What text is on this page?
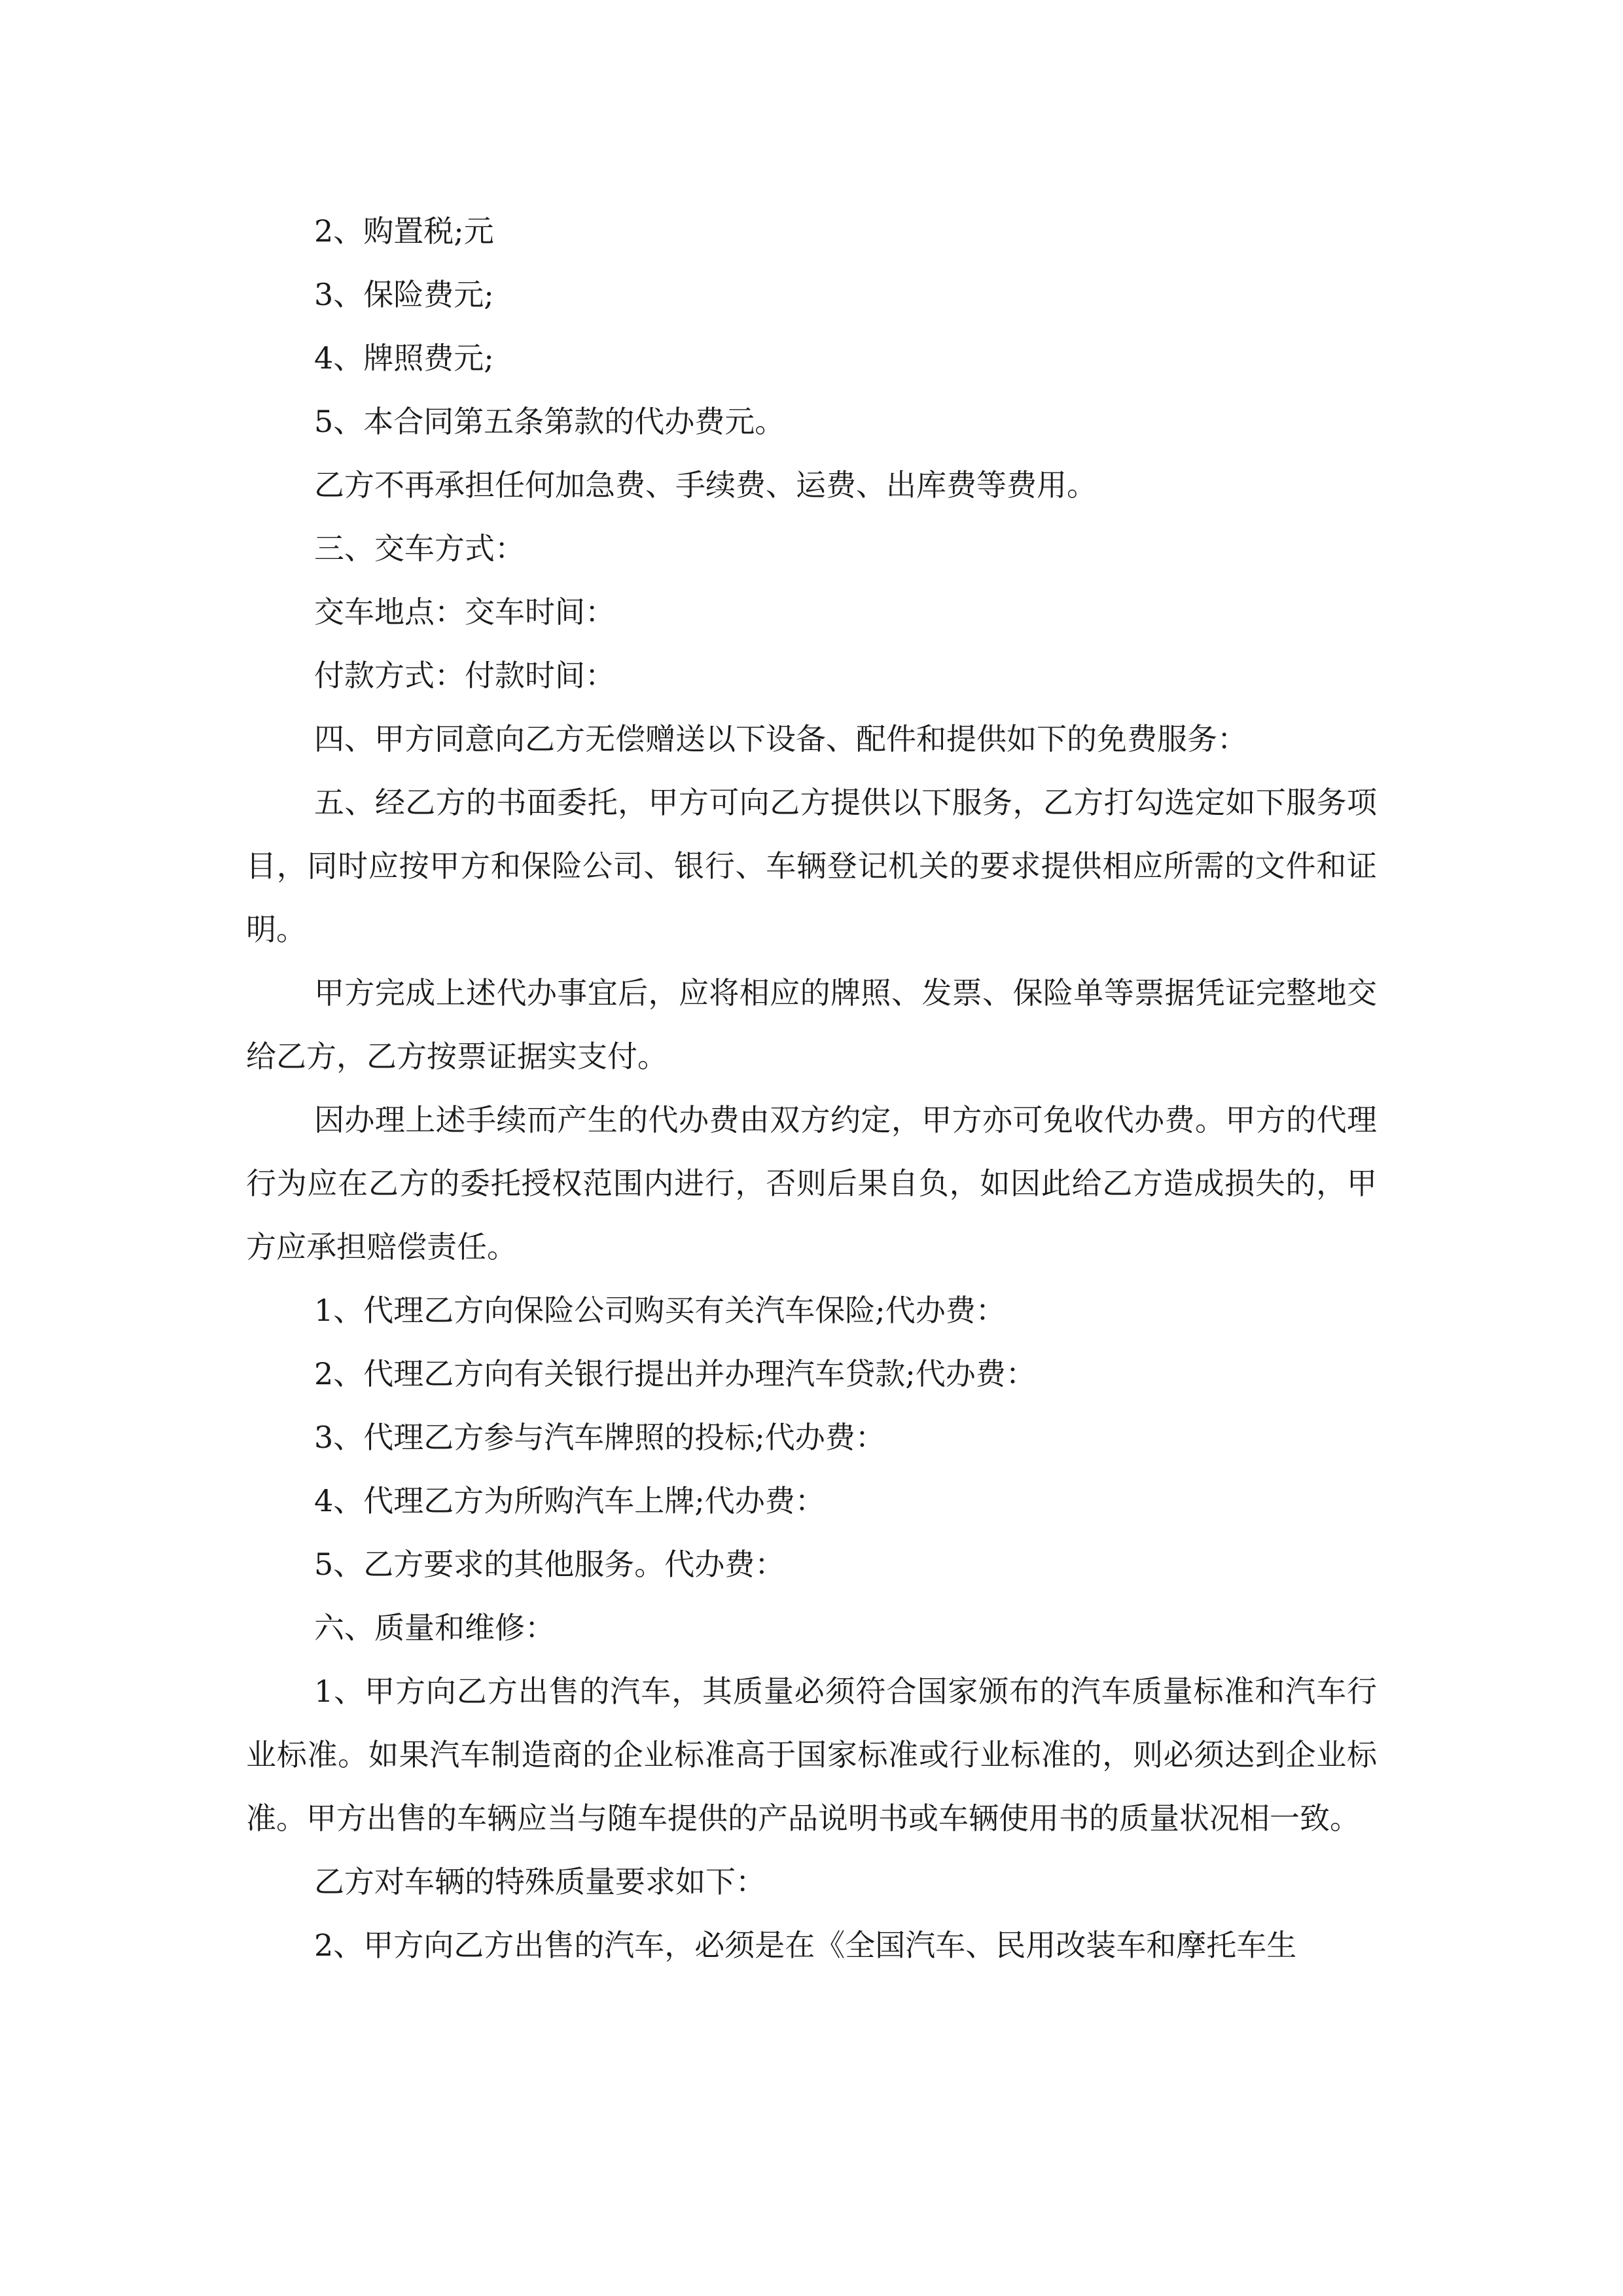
2、购置税;元

3、保险费元;

4、牌照费元;

5、本合同第五条第款的代办费元。

乙方不再承担任何加急费、手续费、运费、出库费等费用。

三、交车方式：

交车地点：交车时间：

付款方式：付款时间：

四、甲方同意向乙方无偿赠送以下设备、配件和提供如下的免费服务：

五、经乙方的书面委托，甲方可向乙方提供以下服务，乙方打勾选定如下服务项目，同时应按甲方和保险公司、银行、车辆登记机关的要求提供相应所需的文件和证明。

甲方完成上述代办事宜后，应将相应的牌照、发票、保险单等票据凭证完整地交给乙方，乙方按票证据实支付。

因办理上述手续而产生的代办费由双方约定，甲方亦可免收代办费。甲方的代理行为应在乙方的委托授权范围内进行，否则后果自负，如因此给乙方造成损失的，甲方应承担赔偿责任。

1、代理乙方向保险公司购买有关汽车保险;代办费：

2、代理乙方向有关银行提出并办理汽车贷款;代办费：

3、代理乙方参与汽车牌照的投标;代办费：

4、代理乙方为所购汽车上牌;代办费：

5、乙方要求的其他服务。代办费：

六、质量和维修：

1、甲方向乙方出售的汽车，其质量必须符合国家颁布的汽车质量标准和汽车行业标准。如果汽车制造商的企业标准高于国家标准或行业标准的，则必须达到企业标准。甲方出售的车辆应当与随车提供的产品说明书或车辆使用书的质量状况相一致。

乙方对车辆的特殊质量要求如下：

2、甲方向乙方出售的汽车，必须是在《全国汽车、民用改装车和摩托车生
